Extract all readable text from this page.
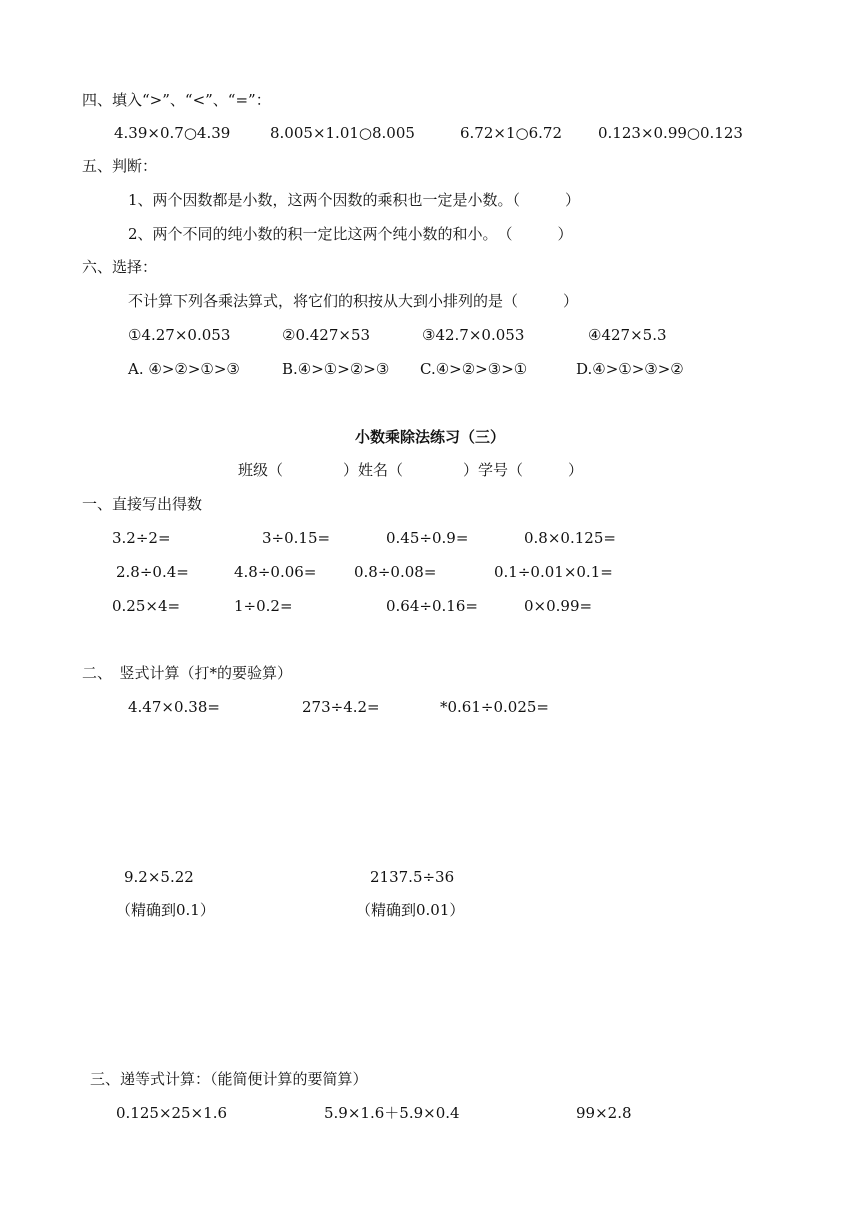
四、填入“>”、“<”、“=”：
4.39×0.7○4.39	8.005×1.01○8.005	6.72×1○6.72 0.123×0.99○0.123
五、判断：
1、两个因数都是小数，这两个因数的乘积也一定是小数。（　　　）
2、两个不同的纯小数的积一定比这两个纯小数的和小。　（　　　）
六、选择：
不计算下列各乘法算式，将它们的积按从大到小排列的是（　　　）
①4.27×0.053	②0.427×53	③42.7×0.053	④427×5.3
A. ④>②>①>③	B.④>①>②>③ C.④>②>③>①	D.④>①>③>②
小数乘除法练习（三）
班级（　　　　）姓名（　　　　）学号（　　　）
一、直接写出得数
3.2÷2=	3÷0.15=	0.45÷0.9=	0.8×0.125=
2.8÷0.4=	4.8÷0.06=	0.8÷0.08=	0.1÷0.01×0.1=
0.25×4=	1÷0.2=	0.64÷0.16=	0×0.99=
二、　竖式计算（打*的要验算）
4.47×0.38=	273÷4.2=	*0.61÷0.025=
9.2×5.22	2137.5÷36
（精确到0.1）	（精确到0.01）
三、递等式计算：（能简便计算的要简算）
0.125×25×1.6	5.9×1.6＋5.9×0.4	99×2.8
